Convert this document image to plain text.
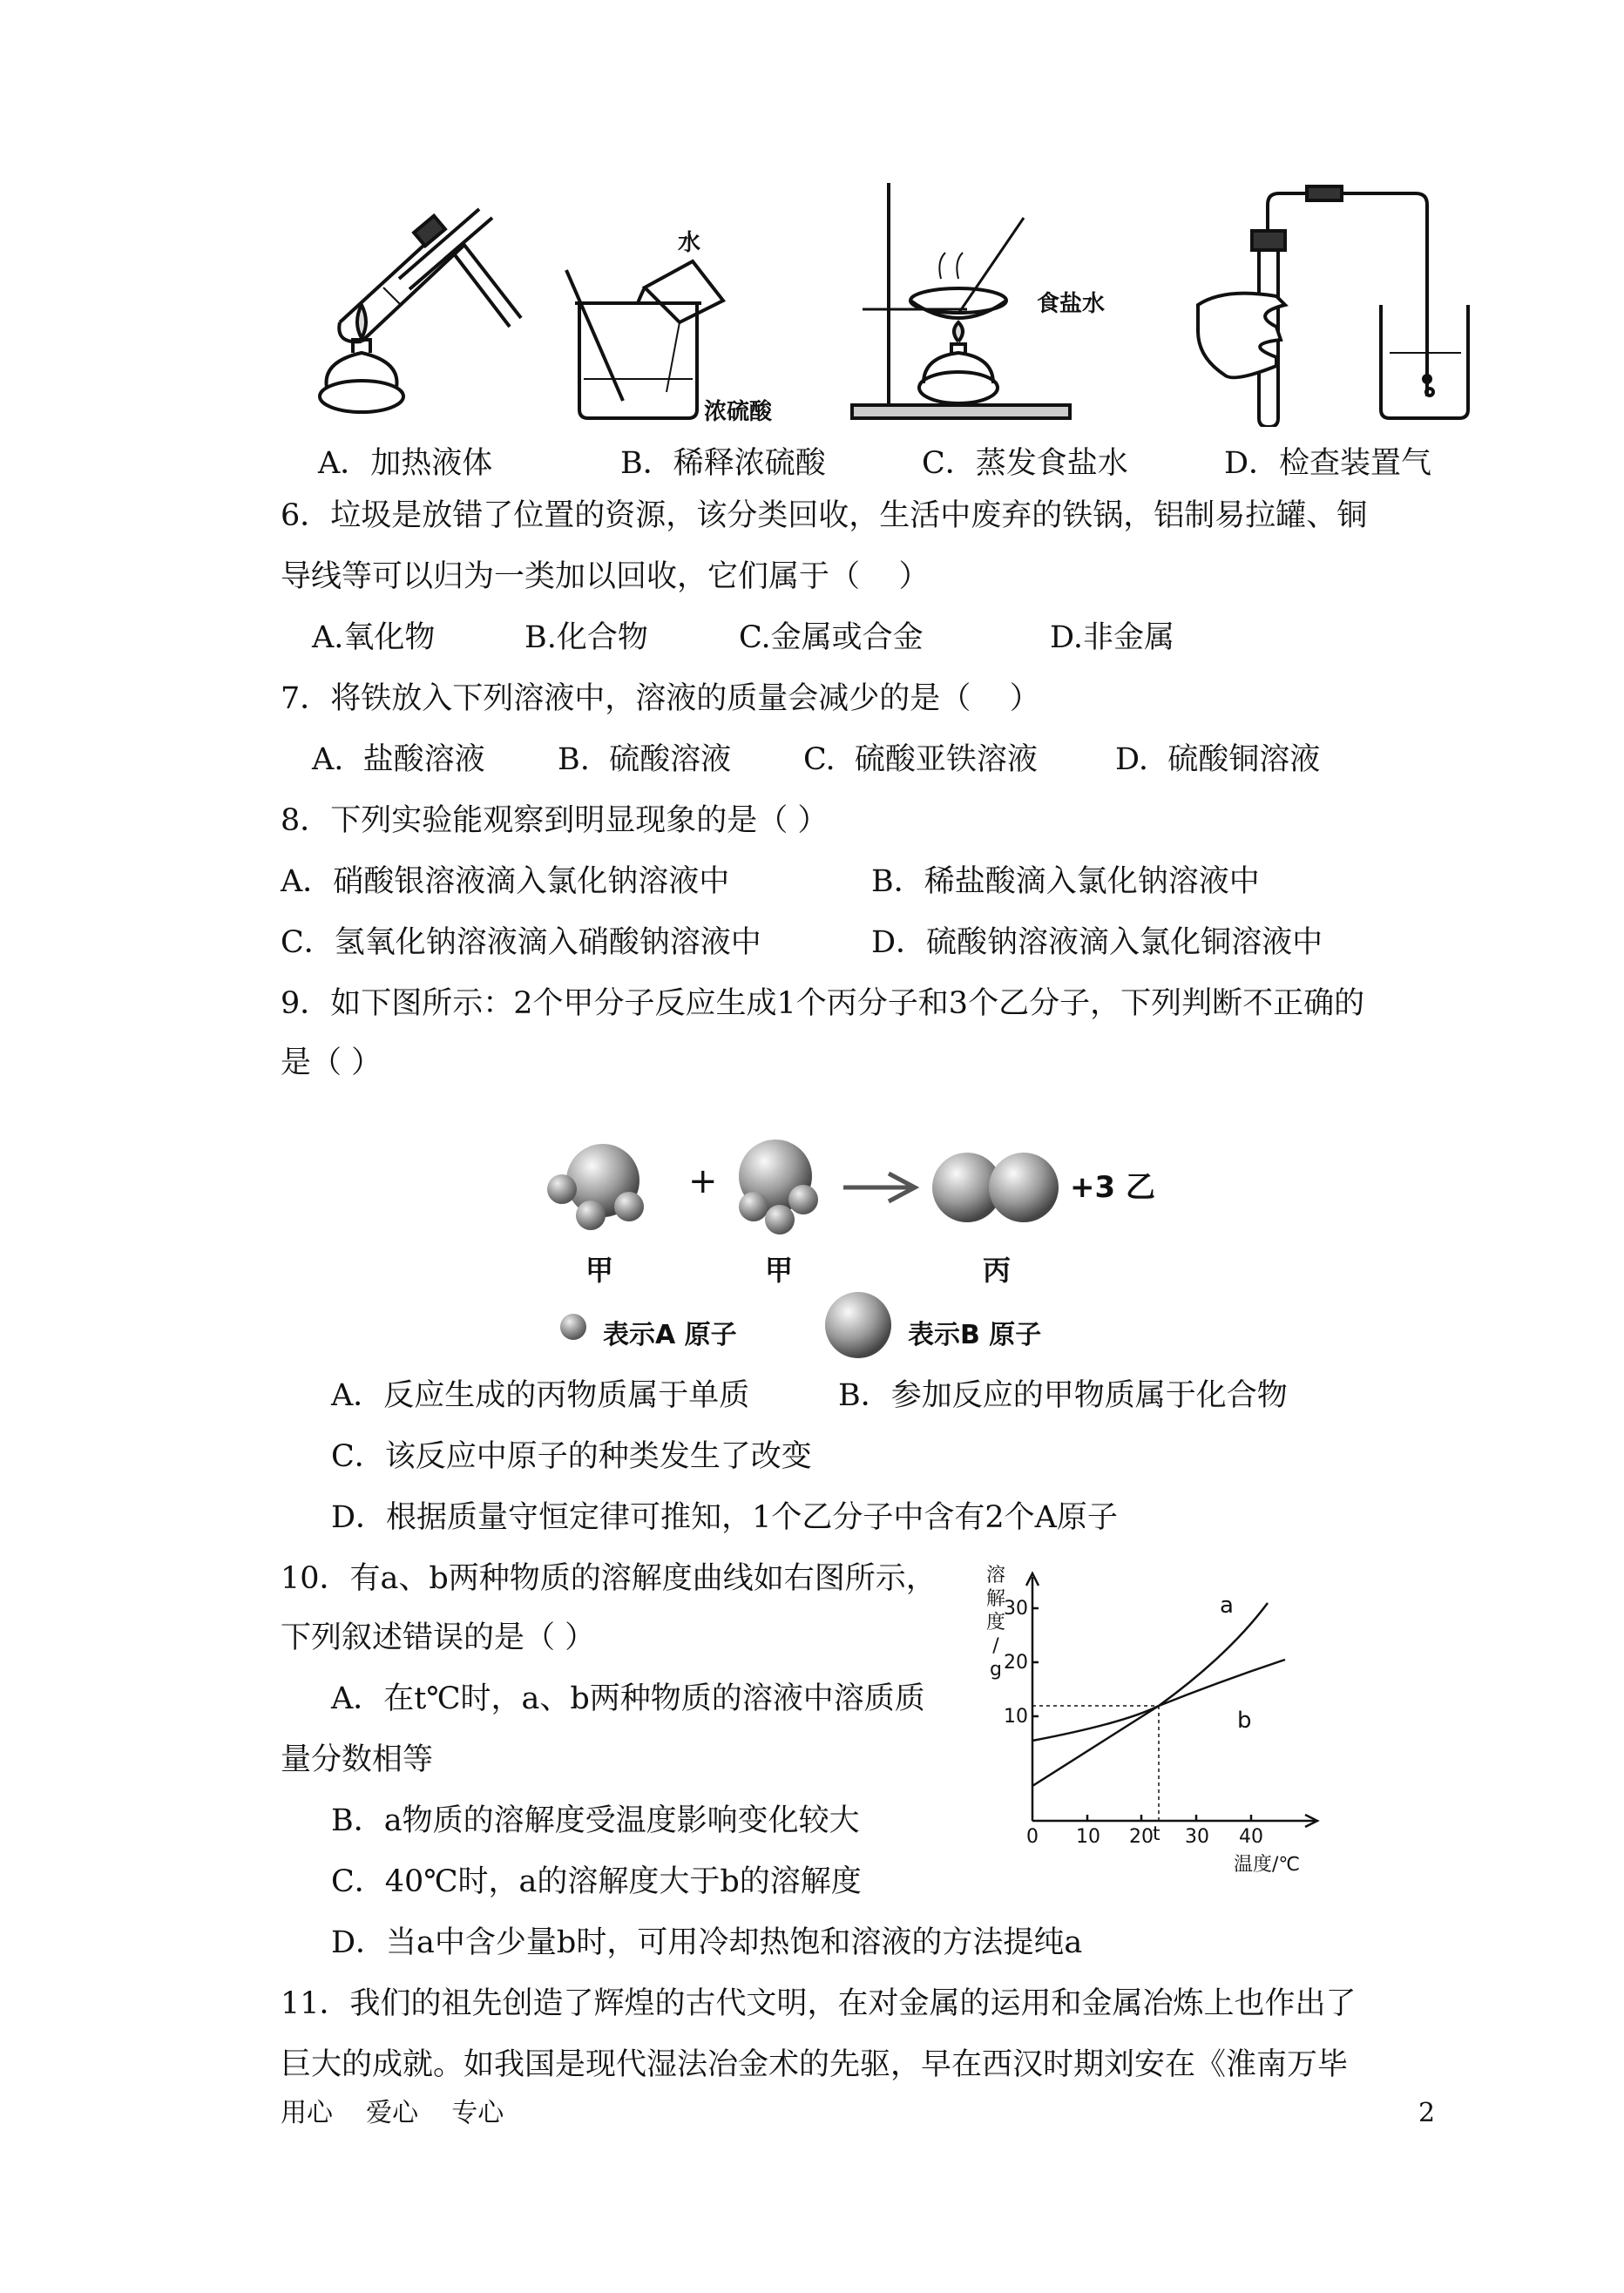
水
浓硫酸
食盐水
A．加热液体	B．稀释浓硫酸	C．蒸发食盐水	D．检查装置气
6．垃圾是放错了位置的资源，该分类回收，生活中废弃的铁锅，铝制易拉罐、铜
导线等可以归为一类加以回收，它们属于（    ）
A.氧化物	B.化合物	C.金属或合金	D.非金属
7．将铁放入下列溶液中，溶液的质量会减少的是（    ）
A.  盐酸溶液 B.  硫酸溶液 C.  硫酸亚铁溶液	D.  硫酸铜溶液
8．下列实验能观察到明显现象的是（ ）
A．硝酸银溶液滴入氯化钠溶液中	B．稀盐酸滴入氯化钠溶液中
C．氢氧化钠溶液滴入硝酸钠溶液中	D．硫酸钠溶液滴入氯化铜溶液中
9．如下图所示：2个甲分子反应生成1个丙分子和3个乙分子，下列判断不正确的
是（ ）
+	+3 乙
甲	甲	丙
表示A 原子	表示B 原子
A．反应生成的丙物质属于单质	B．参加反应的甲物质属于化合物
C．该反应中原子的种类发生了改变
D．根据质量守恒定律可推知，1个乙分子中含有2个A原子
10．有a、b两种物质的溶解度曲线如右图所示，
下列叙述错误的是（ ）
A．在t℃时，a、b两种物质的溶液中溶质质
量分数相等
B．a物质的溶解度受温度影响变化较大
C．40℃时，a的溶解度大于b的溶解度
D．当a中含少量b时，可用冷却热饱和溶液的方法提纯a
溶
解
度
/
g
30
20
10
0 10 20 t 30 40
温度/℃
a
b
11．我们的祖先创造了辉煌的古代文明，在对金属的运用和金属冶炼上也作出了
巨大的成就。如我国是现代湿法冶金术的先驱，早在西汉时期刘安在《淮南万毕
用心    爱心    专心	2
